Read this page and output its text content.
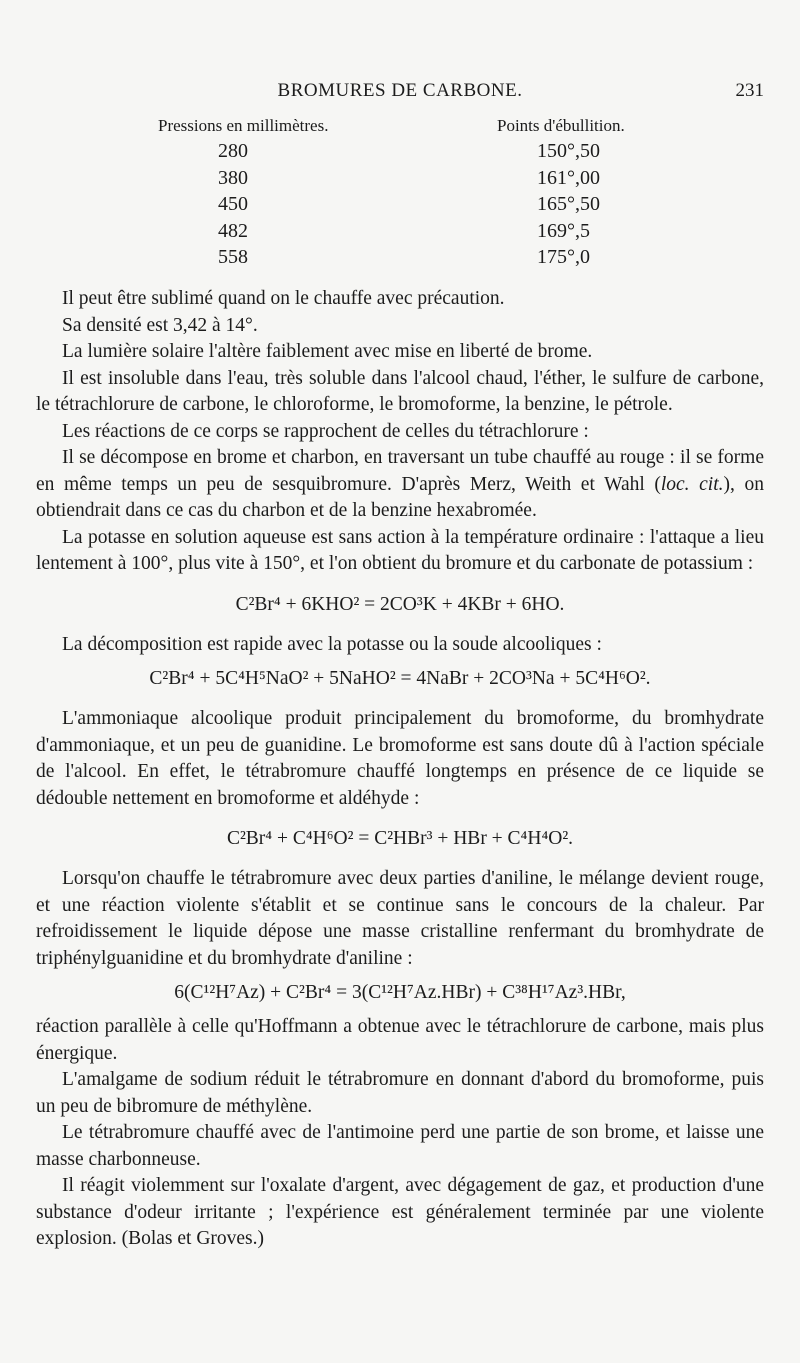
BROMURES DE CARBONE.	231
Pressions en millimètres.	Points d'ébullition.
280	150°,50
380	161°,00
450	165°,50
482	169°,5
558	175°,0

Il peut être sublimé quand on le chauffe avec précaution.

Sa densité est 3,42 à 14°.

La lumière solaire l'altère faiblement avec mise en liberté de brome.

Il est insoluble dans l'eau, très soluble dans l'alcool chaud, l'éther, le sulfure de carbone, le tétrachlorure de carbone, le chloroforme, le bromoforme, la benzine, le pétrole.

Les réactions de ce corps se rapprochent de celles du tétrachlorure :

Il se décompose en brome et charbon, en traversant un tube chauffé au rouge : il se forme en même temps un peu de sesquibromure. D'après Merz, Weith et Wahl (loc. cit.), on obtiendrait dans ce cas du charbon et de la benzine hexabromée.

La potasse en solution aqueuse est sans action à la température ordinaire : l'attaque a lieu lentement à 100°, plus vite à 150°, et l'on obtient du bromure et du carbonate de potassium :

C²Br⁴ + 6KHO² = 2CO³K + 4KBr + 6HO.

La décomposition est rapide avec la potasse ou la soude alcooliques :

C²Br⁴ + 5C⁴H⁵NaO² + 5NaHO² = 4NaBr + 2CO³Na + 5C⁴H⁶O².

L'ammoniaque alcoolique produit principalement du bromoforme, du bromhydrate d'ammoniaque, et un peu de guanidine. Le bromoforme est sans doute dû à l'action spéciale de l'alcool. En effet, le tétrabromure chauffé longtemps en présence de ce liquide se dédouble nettement en bromoforme et aldéhyde :

C²Br⁴ + C⁴H⁶O² = C²HBr³ + HBr + C⁴H⁴O².

Lorsqu'on chauffe le tétrabromure avec deux parties d'aniline, le mélange devient rouge, et une réaction violente s'établit et se continue sans le concours de la chaleur. Par refroidissement le liquide dépose une masse cristalline renfermant du bromhydrate de triphénylguanidine et du bromhydrate d'aniline :

6(C¹²H⁷Az) + C²Br⁴ = 3(C¹²H⁷Az.HBr) + C³⁸H¹⁷Az³.HBr,

réaction parallèle à celle qu'Hoffmann a obtenue avec le tétrachlorure de carbone, mais plus énergique.

L'amalgame de sodium réduit le tétrabromure en donnant d'abord du bromoforme, puis un peu de bibromure de méthylène.

Le tétrabromure chauffé avec de l'antimoine perd une partie de son brome, et laisse une masse charbonneuse.

Il réagit violemment sur l'oxalate d'argent, avec dégagement de gaz, et production d'une substance d'odeur irritante ; l'expérience est généralement terminée par une violente explosion. (Bolas et Groves.)
